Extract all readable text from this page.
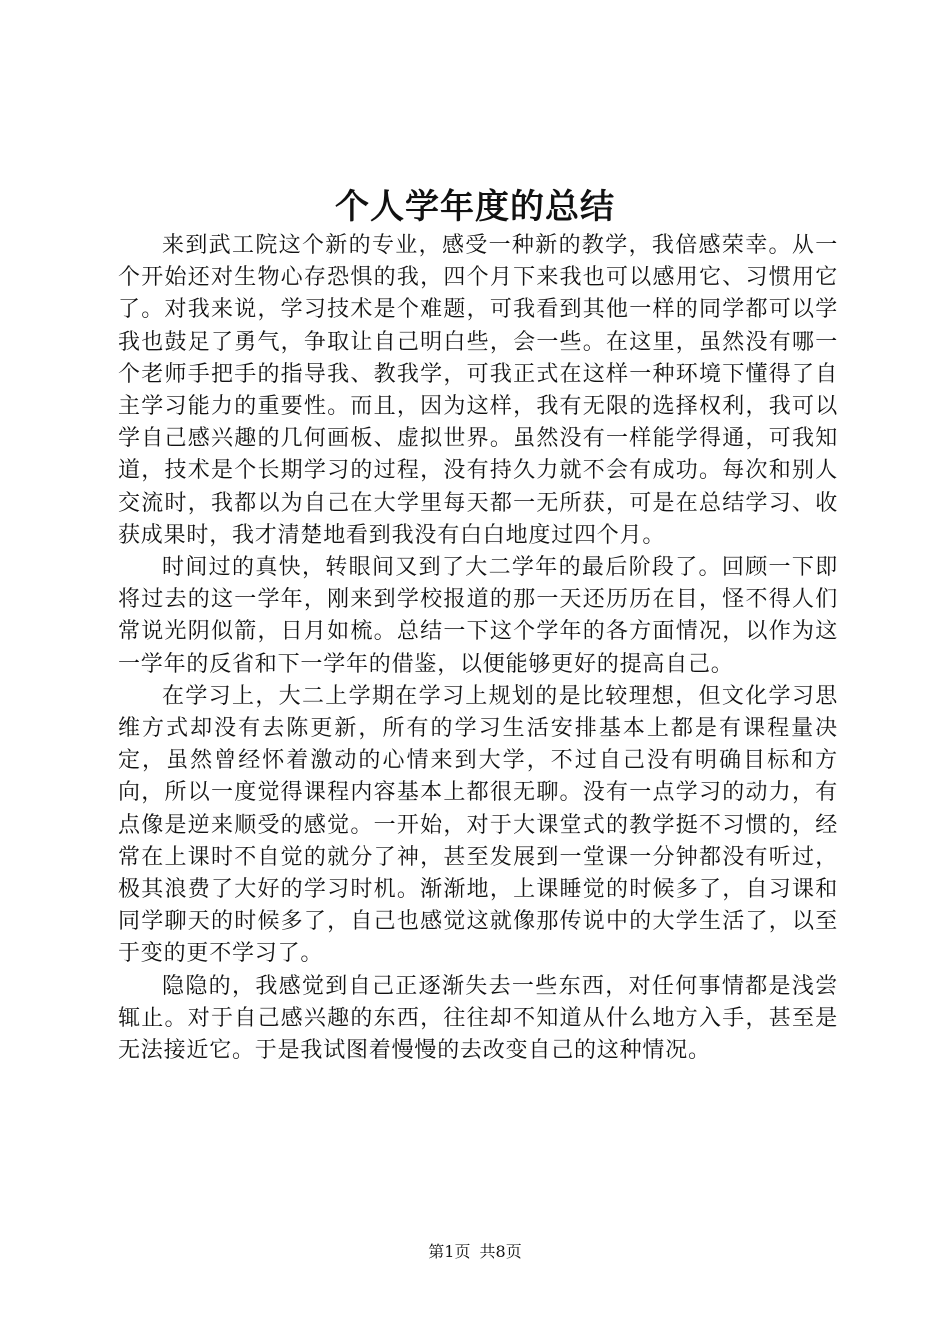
个人学年度的总结

来到武工院这个新的专业，感受一种新的教学，我倍感荣幸。从一个开始还对生物心存恐惧的我，四个月下来我也可以感用它、习惯用它了。对我来说，学习技术是个难题，可我看到其他一样的同学都可以学我也鼓足了勇气，争取让自己明白些，会一些。在这里，虽然没有哪一个老师手把手的指导我、教我学，可我正式在这样一种环境下懂得了自主学习能力的重要性。而且，因为这样，我有无限的选择权利，我可以学自己感兴趣的几何画板、虚拟世界。虽然没有一样能学得通，可我知道，技术是个长期学习的过程，没有持久力就不会有成功。每次和别人交流时，我都以为自己在大学里每天都一无所获，可是在总结学习、收获成果时，我才清楚地看到我没有白白地度过四个月。

时间过的真快，转眼间又到了大二学年的最后阶段了。回顾一下即将过去的这一学年，刚来到学校报道的那一天还历历在目，怪不得人们常说光阴似箭，日月如梳。总结一下这个学年的各方面情况，以作为这一学年的反省和下一学年的借鉴，以便能够更好的提高自己。

在学习上，大二上学期在学习上规划的是比较理想，但文化学习思维方式却没有去陈更新，所有的学习生活安排基本上都是有课程量决定，虽然曾经怀着激动的心情来到大学，不过自己没有明确目标和方向，所以一度觉得课程内容基本上都很无聊。没有一点学习的动力，有点像是逆来顺受的感觉。一开始，对于大课堂式的教学挺不习惯的，经常在上课时不自觉的就分了神，甚至发展到一堂课一分钟都没有听过，极其浪费了大好的学习时机。渐渐地，上课睡觉的时候多了，自习课和同学聊天的时候多了，自己也感觉这就像那传说中的大学生活了，以至于变的更不学习了。

隐隐的，我感觉到自己正逐渐失去一些东西，对任何事情都是浅尝辄止。对于自己感兴趣的东西，往往却不知道从什么地方入手，甚至是无法接近它。于是我试图着慢慢的去改变自己的这种情况。

第1页 共8页
